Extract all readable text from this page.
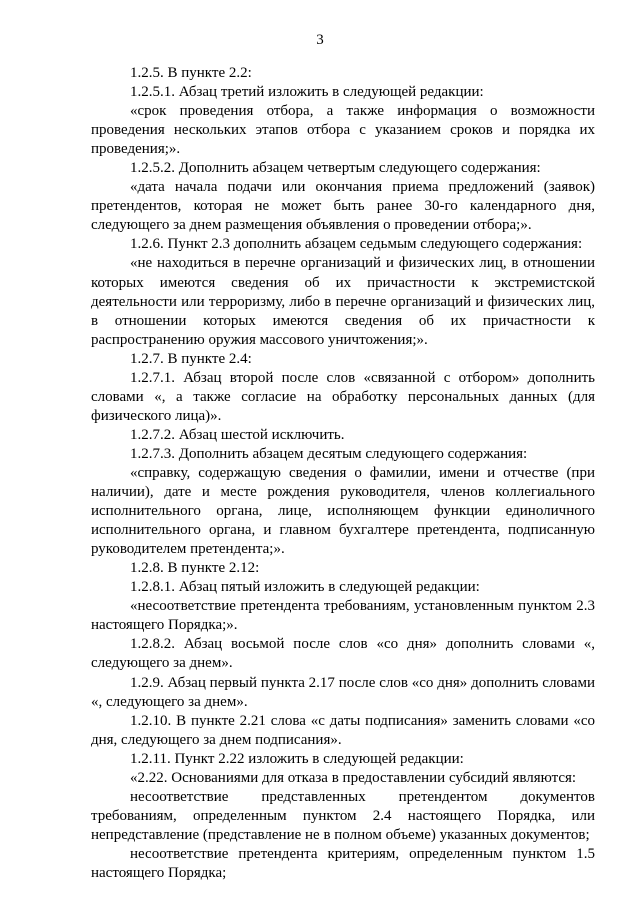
3

1.2.5. В пункте 2.2:

1.2.5.1. Абзац третий изложить в следующей редакции:

«срок проведения отбора, а также информация о возможности проведения нескольких этапов отбора с указанием сроков и порядка их проведения;».

1.2.5.2. Дополнить абзацем четвертым следующего содержания:

«дата начала подачи или окончания приема предложений (заявок) претендентов, которая не может быть ранее 30-го календарного дня, следующего за днем размещения объявления о проведении отбора;».

1.2.6. Пункт 2.3 дополнить абзацем седьмым следующего содержания:

«не находиться в перечне организаций и физических лиц, в отношении которых имеются сведения об их причастности к экстремистской деятельности или терроризму, либо в перечне организаций и физических лиц, в отношении которых имеются сведения об их причастности к распространению оружия массового уничтожения;».

1.2.7. В пункте 2.4:

1.2.7.1. Абзац второй после слов «связанной с отбором» дополнить словами «, а также согласие на обработку персональных данных (для физического лица)».

1.2.7.2. Абзац шестой исключить.

1.2.7.3. Дополнить абзацем десятым следующего содержания:

«справку, содержащую сведения о фамилии, имени и отчестве (при наличии), дате и месте рождения руководителя, членов коллегиального исполнительного органа, лице, исполняющем функции единоличного исполнительного органа, и главном бухгалтере претендента, подписанную руководителем претендента;».

1.2.8. В пункте 2.12:

1.2.8.1. Абзац пятый изложить в следующей редакции:

«несоответствие претендента требованиям, установленным пунктом 2.3 настоящего Порядка;».

1.2.8.2. Абзац восьмой после слов «со дня» дополнить словами «, следующего за днем».

1.2.9. Абзац первый пункта 2.17 после слов «со дня» дополнить словами «, следующего за днем».

1.2.10. В пункте 2.21 слова «с даты подписания» заменить словами «со дня, следующего за днем подписания».

1.2.11. Пункт 2.22 изложить в следующей редакции:

«2.22. Основаниями для отказа в предоставлении субсидий являются:

несоответствие представленных претендентом документов требованиям, определенным пунктом 2.4 настоящего Порядка, или непредставление (представление не в полном объеме) указанных документов;

несоответствие претендента критериям, определенным пунктом 1.5 настоящего Порядка;
